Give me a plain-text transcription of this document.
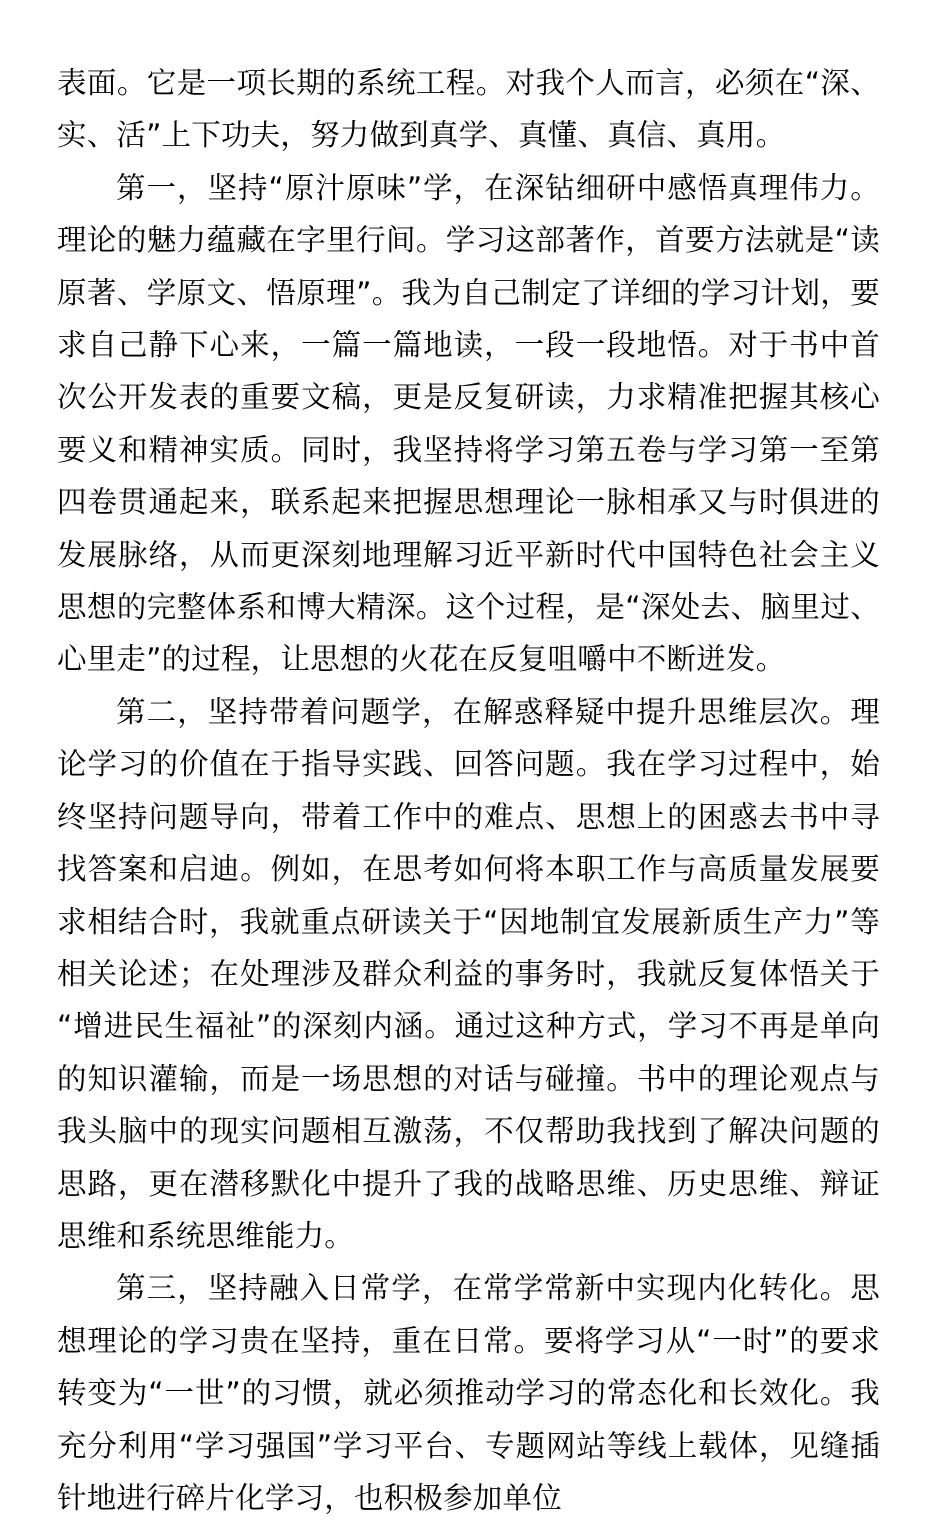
表面。它是一项长期的系统工程。对我个人而言，必须在“深、实、活”上下功夫，努力做到真学、真懂、真信、真用。

第一，坚持“原汁原味”学，在深钻细研中感悟真理伟力。理论的魅力蕴藏在字里行间。学习这部著作，首要方法就是“读原著、学原文、悟原理”。我为自己制定了详细的学习计划，要求自己静下心来，一篇一篇地读，一段一段地悟。对于书中首次公开发表的重要文稿，更是反复研读，力求精准把握其核心要义和精神实质。同时，我坚持将学习第五卷与学习第一至第四卷贯通起来，联系起来把握思想理论一脉相承又与时俱进的发展脉络，从而更深刻地理解习近平新时代中国特色社会主义思想的完整体系和博大精深。这个过程，是“深处去、脑里过、心里走”的过程，让思想的火花在反复咀嚼中不断迸发。

第二，坚持带着问题学，在解惑释疑中提升思维层次。理论学习的价值在于指导实践、回答问题。我在学习过程中，始终坚持问题导向，带着工作中的难点、思想上的困惑去书中寻找答案和启迪。例如，在思考如何将本职工作与高质量发展要求相结合时，我就重点研读关于“因地制宜发展新质生产力”等相关论述；在处理涉及群众利益的事务时，我就反复体悟关于“增进民生福祉”的深刻内涵。通过这种方式，学习不再是单向的知识灌输，而是一场思想的对话与碰撞。书中的理论观点与我头脑中的现实问题相互激荡，不仅帮助我找到了解决问题的思路，更在潜移默化中提升了我的战略思维、历史思维、辩证思维和系统思维能力。

第三，坚持融入日常学，在常学常新中实现内化转化。思想理论的学习贵在坚持，重在日常。要将学习从“一时”的要求转变为“一世”的习惯，就必须推动学习的常态化和长效化。我充分利用“学习强国”学习平台、专题网站等线上载体，见缝插针地进行碎片化学习，也积极参加单位
